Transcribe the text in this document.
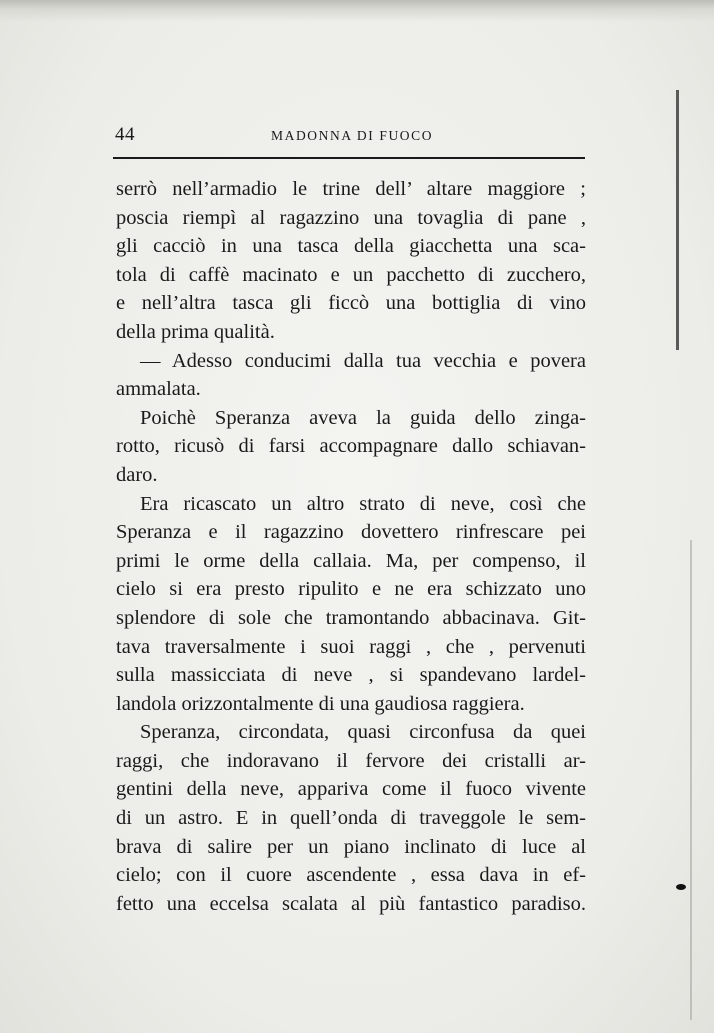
44	MADONNA DI FUOCO
serrò nell’armadio le trine dell’ altare maggiore ;
poscia riempì al ragazzino una tovaglia di pane ,
gli cacciò in una tasca della giacchetta una sca-
tola di caffè macinato e un pacchetto di zucchero,
e nell’altra tasca gli ficcò una bottiglia di vino
della prima qualità.
— Adesso conducimi dalla tua vecchia e povera
ammalata.
Poichè Speranza aveva la guida dello zinga-
rotto, ricusò di farsi accompagnare dallo schiavan-
daro.
Era ricascato un altro strato di neve, così che
Speranza e il ragazzino dovettero rinfrescare pei
primi le orme della callaia. Ma, per compenso, il
cielo si era presto ripulito e ne era schizzato uno
splendore di sole che tramontando abbacinava. Git-
tava traversalmente i suoi raggi , che , pervenuti
sulla massicciata di neve , si spandevano lardel-
landola orizzontalmente di una gaudiosa raggiera.
Speranza, circondata, quasi circonfusa da quei
raggi, che indoravano il fervore dei cristalli ar-
gentini della neve, appariva come il fuoco vivente
di un astro. E in quell’onda di traveggole le sem-
brava di salire per un piano inclinato di luce al
cielo; con il cuore ascendente , essa dava in ef-
fetto una eccelsa scalata al più fantastico paradiso.
